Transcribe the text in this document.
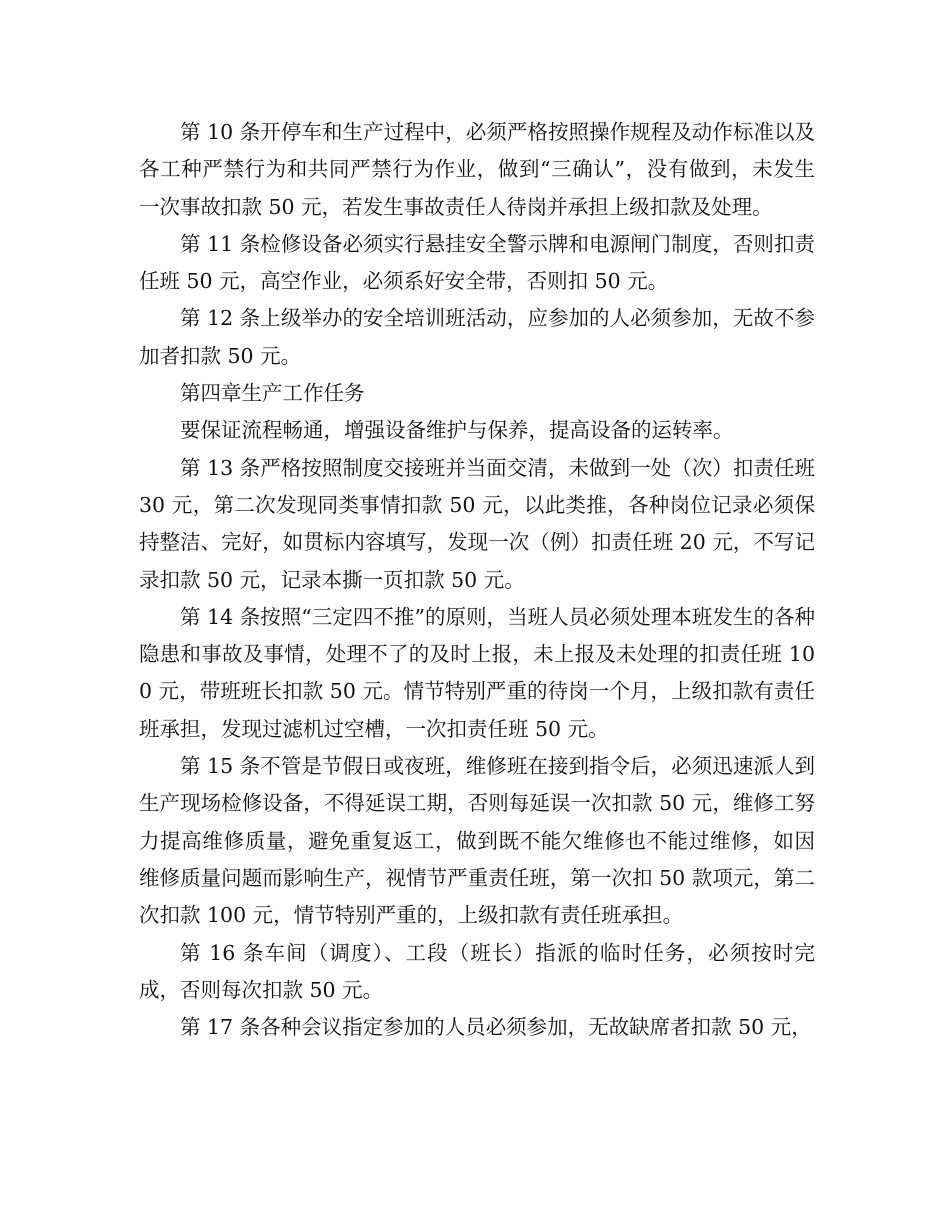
第 10 条开停车和生产过程中，必须严格按照操作规程及动作标准以及各工种严禁行为和共同严禁行为作业，做到“三确认”，没有做到，未发生一次事故扣款 50 元，若发生事故责任人待岗并承担上级扣款及处理。

第 11 条检修设备必须实行悬挂安全警示牌和电源闸门制度，否则扣责任班 50 元，高空作业，必须系好安全带，否则扣 50 元。

第 12 条上级举办的安全培训班活动，应参加的人必须参加，无故不参加者扣款 50 元。

第四章生产工作任务

要保证流程畅通，增强设备维护与保养，提高设备的运转率。

第 13 条严格按照制度交接班并当面交清，未做到一处（次）扣责任班 30 元，第二次发现同类事情扣款 50 元，以此类推，各种岗位记录必须保持整洁、完好，如贯标内容填写，发现一次（例）扣责任班 20 元，不写记录扣款 50 元，记录本撕一页扣款 50 元。

第 14 条按照“三定四不推”的原则，当班人员必须处理本班发生的各种隐患和事故及事情，处理不了的及时上报，未上报及未处理的扣责任班 100 元，带班班长扣款 50 元。情节特别严重的待岗一个月，上级扣款有责任班承担，发现过滤机过空槽，一次扣责任班 50 元。

第 15 条不管是节假日或夜班，维修班在接到指令后，必须迅速派人到生产现场检修设备，不得延误工期，否则每延误一次扣款 50 元，维修工努力提高维修质量，避免重复返工，做到既不能欠维修也不能过维修，如因维修质量问题而影响生产，视情节严重责任班，第一次扣 50 款项元，第二次扣款 100 元，情节特别严重的，上级扣款有责任班承担。

第 16 条车间（调度）、工段（班长）指派的临时任务，必须按时完成，否则每次扣款 50 元。

第 17 条各种会议指定参加的人员必须参加，无故缺席者扣款 50 元，
